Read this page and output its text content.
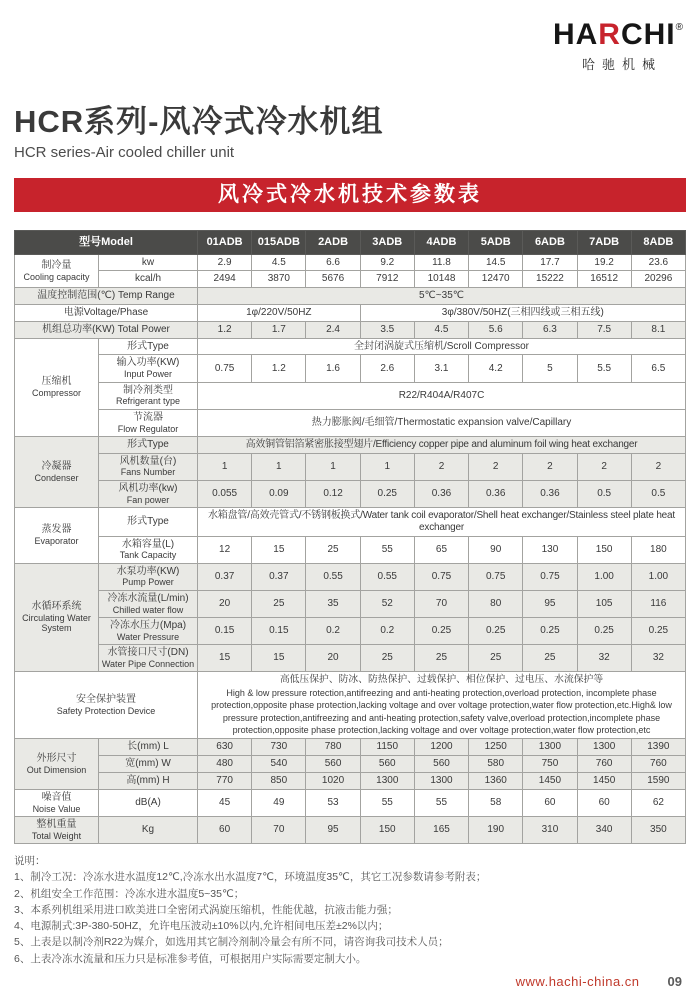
HARCHI®
哈驰机械
HCR系列-风冷式冷水机组
HCR series-Air cooled chiller unit
风冷式冷水机技术参数表
型号Model		01ADB	015ADB	2ADB	3ADB	4ADB	5ADB	6ADB	7ADB	8ADB

制冷量
Cooling capacity	kw	2.9	4.5	6.6	9.2	11.8	14.5	17.7	19.2	23.6
	kcal/h	2494	3870	5676	7912	10148	12470	15222	16512	20296
温度控制范围(℃) Temp Range		5℃~35℃								
电源Voltage/Phase		1φ/220V/50HZ			3φ/380V/50HZ(三相四线或三相五线)					
机组总功率(KW) Total Power		1.2	1.7	2.4	3.5	4.5	5.6	6.3	7.5	8.1

压缩机
Compressor	形式Type	全封闭涡旋式压缩机/Scroll Compressor								

	输入功率(KW)
Input Power	0.75	1.2	1.6	2.6	3.1	4.2	5	5.5	6.5

	制冷剂类型
Refrigerant type	R22/R404A/R407C								

	节流器
Flow Regulator	热力膨胀阀/毛细管/Thermostatic expansion valve/Capillary								

冷凝器
Condenser	形式Type	高效铜管铝箔紧密胀接型翅片/Efficiency copper pipe and aluminum foil wing heat exchanger								

	风机数量(台)
Fans Number	1	1	1	1	2	2	2	2	2

	风机功率(kw)
Fan power	0.055	0.09	0.12	0.25	0.36	0.36	0.36	0.5	0.5

蒸发器
Evaporator	形式Type	水箱盘管/高效壳管式/不锈钢板换式/Water tank coil evaporator/Shell heat exchanger/Stainless steel plate heat exchanger								

	水箱容量(L)
Tank Capacity	12	15	25	55	65	90	130	150	180

水循环系统
Circulating Water System

水泵功率(KW)
Pump Power
	0.37	0.37	0.55	0.55	0.75	0.75	0.75	1.00	1.00

	冷冻水流量(L/min)
Chilled water flow	20	25	35	52	70	80	95	105	116

	冷冻水压力(Mpa)
Water Pressure	0.15	0.15	0.2	0.2	0.25	0.25	0.25	0.25	0.25

	水管接口尺寸(DN)
Water Pipe Connection	15	15	20	25	25	25	25	32	32

安全保护装置
Safety Protection Device

高低压保护、防冰、防热保护、过载保护、相位保护、过电压、水流保护等
High & low pressure rotection,antifreezing and anti-heating protection,overload protection, incomplete phase protection,opposite phase protection,lacking voltage and over voltage protection,water flow protection,etc.High& low pressure protection,antifreezing and anti-heating protection,safety valve,overload protection,incomplete phase protection,opposite phase protection,lacking voltage and over voltage protection,water flow protection,etc

外形尺寸
Out Dimension	长(mm) L	630	730	780	1150	1200	1250	1300	1300	1390
	宽(mm) W	480	540	560	560	560	580	750	760	760
	高(mm) H	770	850	1020	1300	1300	1360	1450	1450	1590

噪音值
Noise Value	dB(A)	45	49	53	55	55	58	60	60	62

整机重量
Total Weight	Kg	60	70	95	150	165	190	310	340	350
说明：
1、制冷工况：冷冻水进水温度12℃,冷冻水出水温度7℃，环境温度35℃，其它工况参数请参考附表；
2、机组安全工作范围：冷冻水进水温度5~35℃；
3、本系列机组采用进口欧美进口全密闭式涡旋压缩机，性能优越，抗液击能力强；
4、电源制式:3P-380-50HZ，允许电压波动±10%以内,允许相间电压差±2%以内；
5、上表是以制冷剂R22为媒介，如选用其它制冷剂制冷量会有所不同，请咨询我司技术人员；
6、上表冷冻水流量和压力只是标准参考值，可根据用户实际需要定制大小。
www.hachi-china.cn 09
